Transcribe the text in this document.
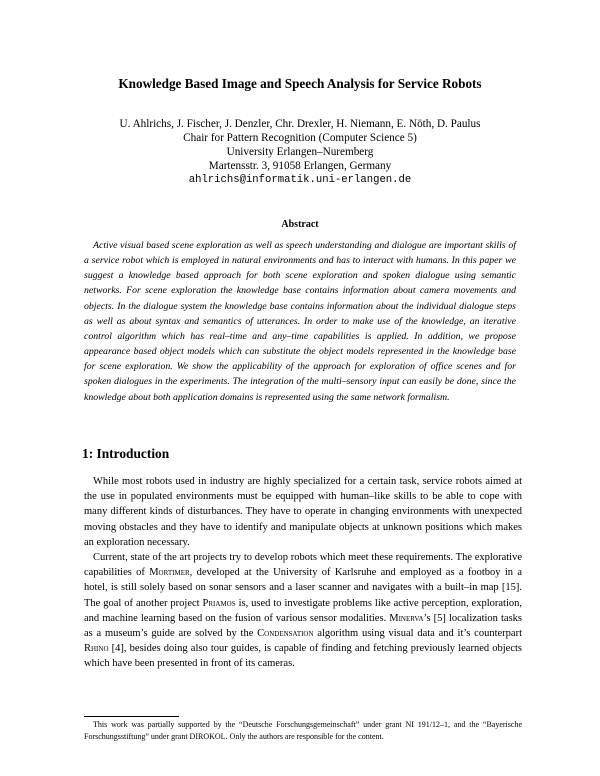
Knowledge Based Image and Speech Analysis for Service Robots
U. Ahlrichs, J. Fischer, J. Denzler, Chr. Drexler, H. Niemann, E. Nöth, D. Paulus
Chair for Pattern Recognition (Computer Science 5)
University Erlangen–Nuremberg
Martensstr. 3, 91058 Erlangen, Germany
ahlrichs@informatik.uni-erlangen.de
Abstract
Active visual based scene exploration as well as speech understanding and dialogue are important skills of a service robot which is employed in natural environments and has to interact with humans. In this paper we suggest a knowledge based approach for both scene exploration and spoken dialogue using semantic networks. For scene exploration the knowledge base contains information about camera movements and objects. In the dialogue system the knowledge base contains information about the individual dialogue steps as well as about syntax and semantics of utterances. In order to make use of the knowledge, an iterative control algorithm which has real–time and any–time capabilities is applied. In addition, we propose appearance based object models which can substitute the object models represented in the knowledge base for scene exploration. We show the applicability of the approach for exploration of office scenes and for spoken dialogues in the experiments. The integration of the multi–sensory input can easily be done, since the knowledge about both application domains is represented using the same network formalism.
1: Introduction

While most robots used in industry are highly specialized for a certain task, service robots aimed at the use in populated environments must be equipped with human–like skills to be able to cope with many different kinds of disturbances. They have to operate in changing environments with unexpected moving obstacles and they have to identify and manipulate objects at unknown positions which makes an exploration necessary.

Current, state of the art projects try to develop robots which meet these requirements. The explorative capabilities of Mortimer, developed at the University of Karlsruhe and employed as a footboy in a hotel, is still solely based on sonar sensors and a laser scanner and navigates with a built–in map [15]. The goal of another project Priamos is, used to investigate problems like active perception, exploration, and machine learning based on the fusion of various sensor modalities. Minerva’s [5] localization tasks as a museum’s guide are solved by the Condensation algorithm using visual data and it’s counterpart Rhino [4], besides doing also tour guides, is capable of finding and fetching previously learned objects which have been presented in front of its cameras.

This work was partially supported by the “Deutsche Forschungsgemeinschaft” under grant NI 191/12–1, and the “Bayerische Forschungsstiftung” under grant DIROKOL. Only the authors are responsible for the content.
